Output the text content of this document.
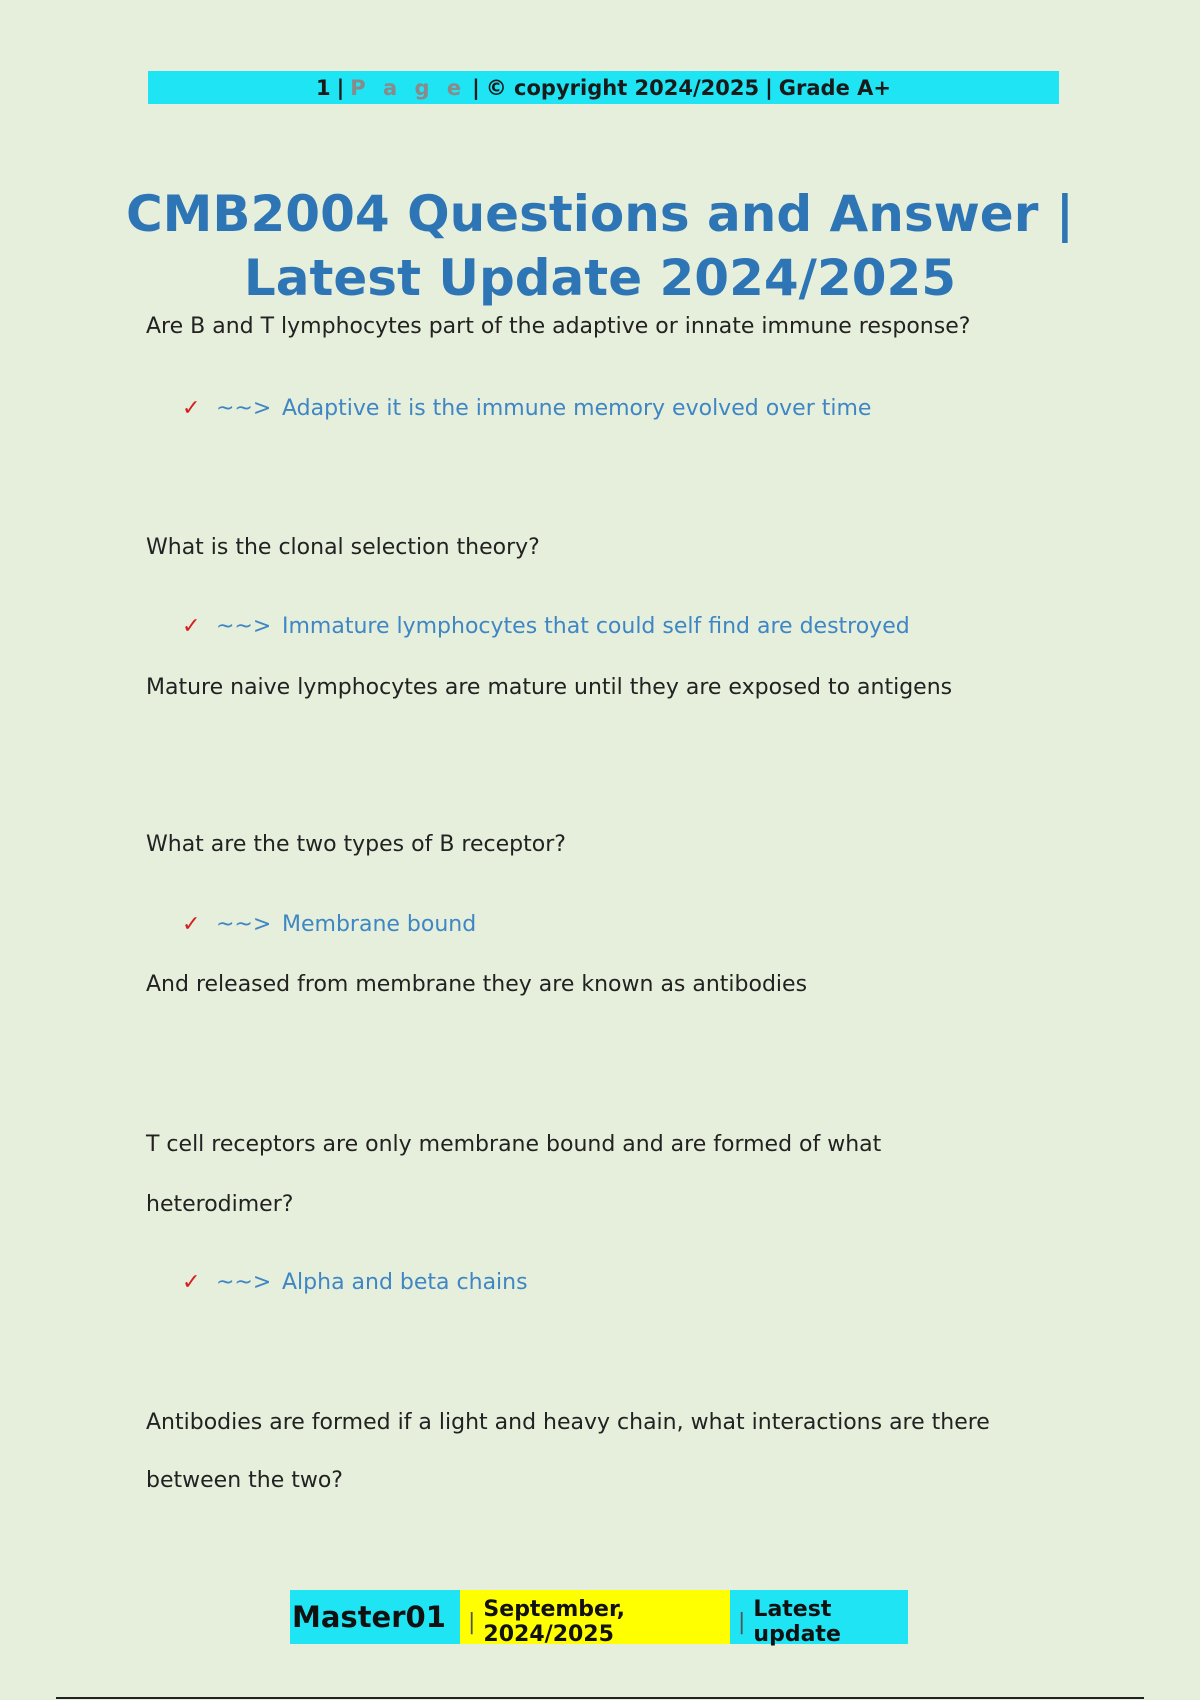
1 | P a g e | © copyright 2024/2025 | Grade A+
CMB2004 Questions and Answer |
Latest Update 2024/2025

Are B and T lymphocytes part of the adaptive or innate immune response?

✓ ~~> Adaptive it is the immune memory evolved over time

What is the clonal selection theory?

✓ ~~> Immature lymphocytes that could self find are destroyed

Mature naive lymphocytes are mature until they are exposed to antigens

What are the two types of B receptor?

✓ ~~> Membrane bound

And released from membrane they are known as antibodies

T cell receptors are only membrane bound and are formed of what

heterodimer?

✓ ~~> Alpha and beta chains

Antibodies are formed if a light and heavy chain, what interactions are there

between the two?

Master01	| September, 2024/2025	| Latest update
